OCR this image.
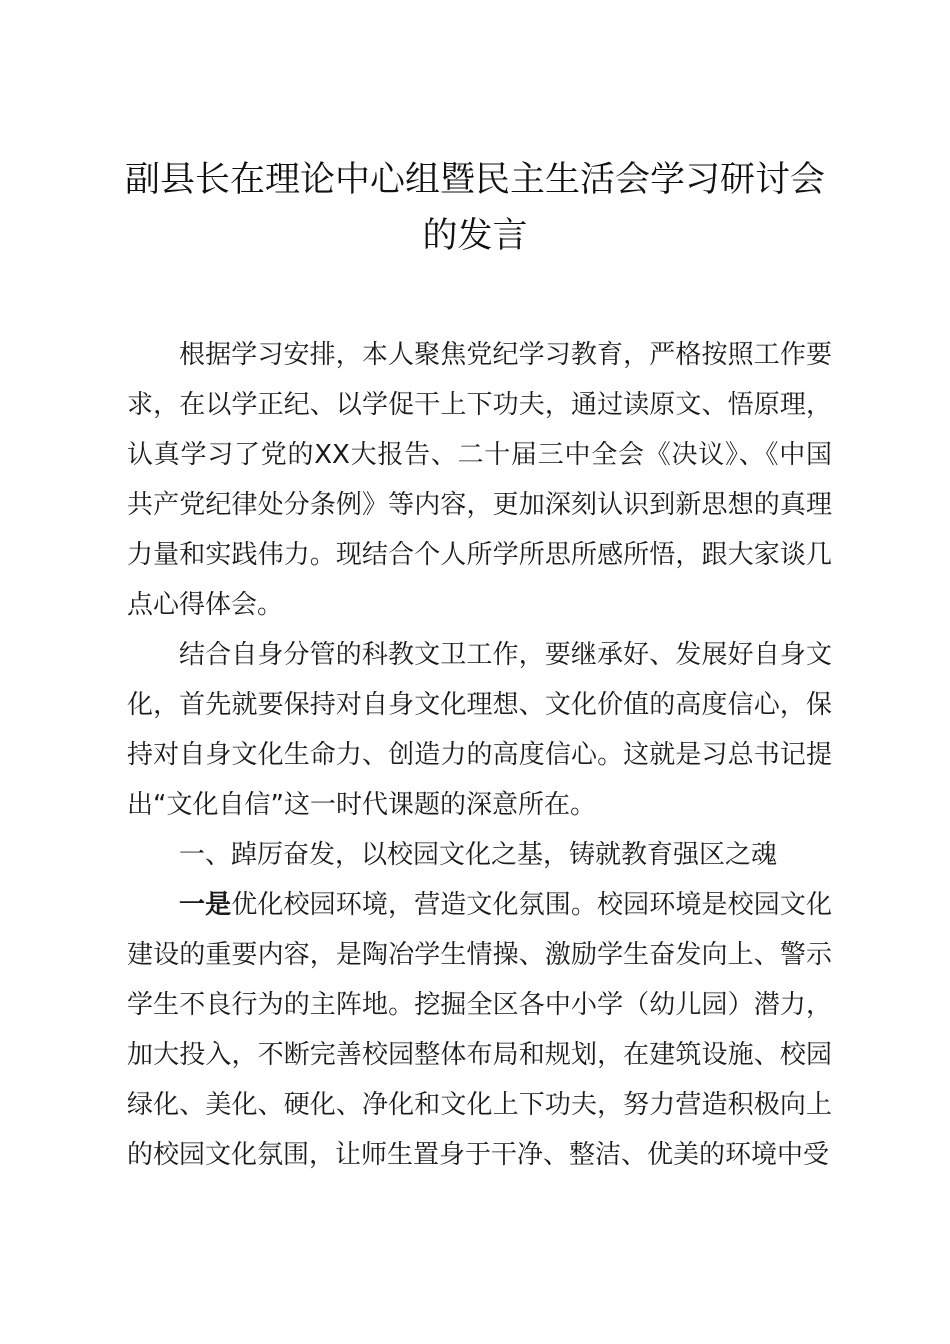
副县长在理论中心组暨民主生活会学习研讨会的发言

根据学习安排，本人聚焦党纪学习教育，严格按照工作要求，在以学正纪、以学促干上下功夫，通过读原文、悟原理，认真学习了党的XX大报告、二十届三中全会《决议》、《中国共产党纪律处分条例》等内容，更加深刻认识到新思想的真理力量和实践伟力。现结合个人所学所思所感所悟，跟大家谈几点心得体会。

结合自身分管的科教文卫工作，要继承好、发展好自身文化，首先就要保持对自身文化理想、文化价值的高度信心，保持对自身文化生命力、创造力的高度信心。这就是习总书记提出“文化自信”这一时代课题的深意所在。

一、踔厉奋发，以校园文化之基，铸就教育强区之魂

一是优化校园环境，营造文化氛围。校园环境是校园文化建设的重要内容，是陶冶学生情操、激励学生奋发向上、警示学生不良行为的主阵地。挖掘全区各中小学（幼儿园）潜力，加大投入，不断完善校园整体布局和规划，在建筑设施、校园绿化、美化、硬化、净化和文化上下功夫，努力营造积极向上的校园文化氛围，让师生置身于干净、整洁、优美的环境中受
